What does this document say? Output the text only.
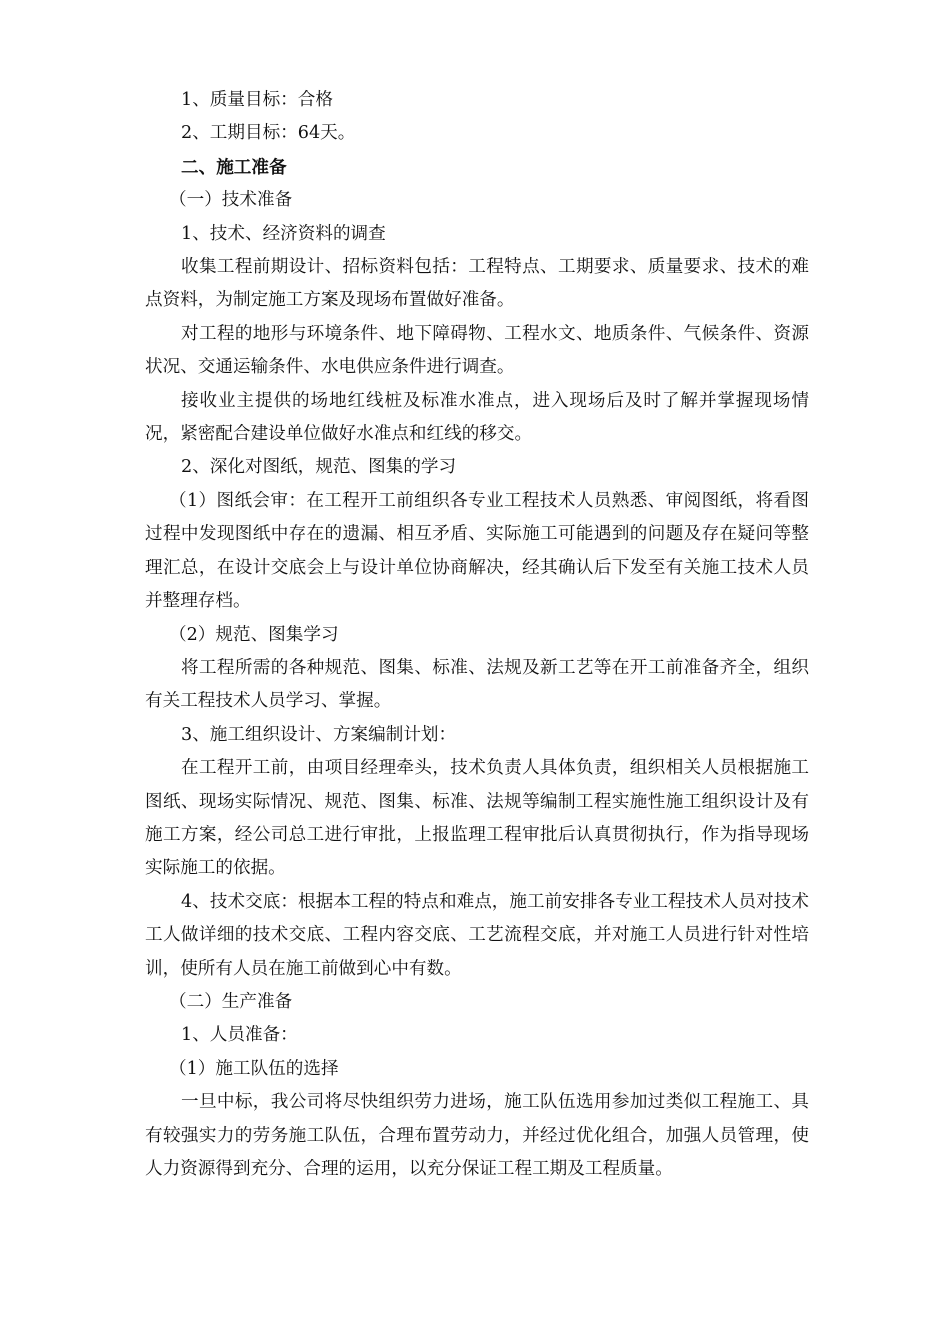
1、质量目标：合格

2、工期目标：64天。

二、施工准备

（一）技术准备

1、技术、经济资料的调查

收集工程前期设计、招标资料包括：工程特点、工期要求、质量要求、技术的难点资料，为制定施工方案及现场布置做好准备。

对工程的地形与环境条件、地下障碍物、工程水文、地质条件、气候条件、资源状况、交通运输条件、水电供应条件进行调查。

接收业主提供的场地红线桩及标准水准点，进入现场后及时了解并掌握现场情况，紧密配合建设单位做好水准点和红线的移交。

2、深化对图纸，规范、图集的学习

（1）图纸会审：在工程开工前组织各专业工程技术人员熟悉、审阅图纸，将看图过程中发现图纸中存在的遗漏、相互矛盾、实际施工可能遇到的问题及存在疑问等整理汇总，在设计交底会上与设计单位协商解决，经其确认后下发至有关施工技术人员并整理存档。

（2）规范、图集学习

将工程所需的各种规范、图集、标准、法规及新工艺等在开工前准备齐全，组织有关工程技术人员学习、掌握。

3、施工组织设计、方案编制计划：

在工程开工前，由项目经理牵头，技术负责人具体负责，组织相关人员根据施工图纸、现场实际情况、规范、图集、标准、法规等编制工程实施性施工组织设计及有施工方案，经公司总工进行审批，上报监理工程审批后认真贯彻执行，作为指导现场实际施工的依据。

4、技术交底：根据本工程的特点和难点，施工前安排各专业工程技术人员对技术工人做详细的技术交底、工程内容交底、工艺流程交底，并对施工人员进行针对性培训，使所有人员在施工前做到心中有数。

（二）生产准备

1、人员准备：

（1）施工队伍的选择

一旦中标，我公司将尽快组织劳力进场，施工队伍选用参加过类似工程施工、具有较强实力的劳务施工队伍，合理布置劳动力，并经过优化组合，加强人员管理，使人力资源得到充分、合理的运用，以充分保证工程工期及工程质量。
